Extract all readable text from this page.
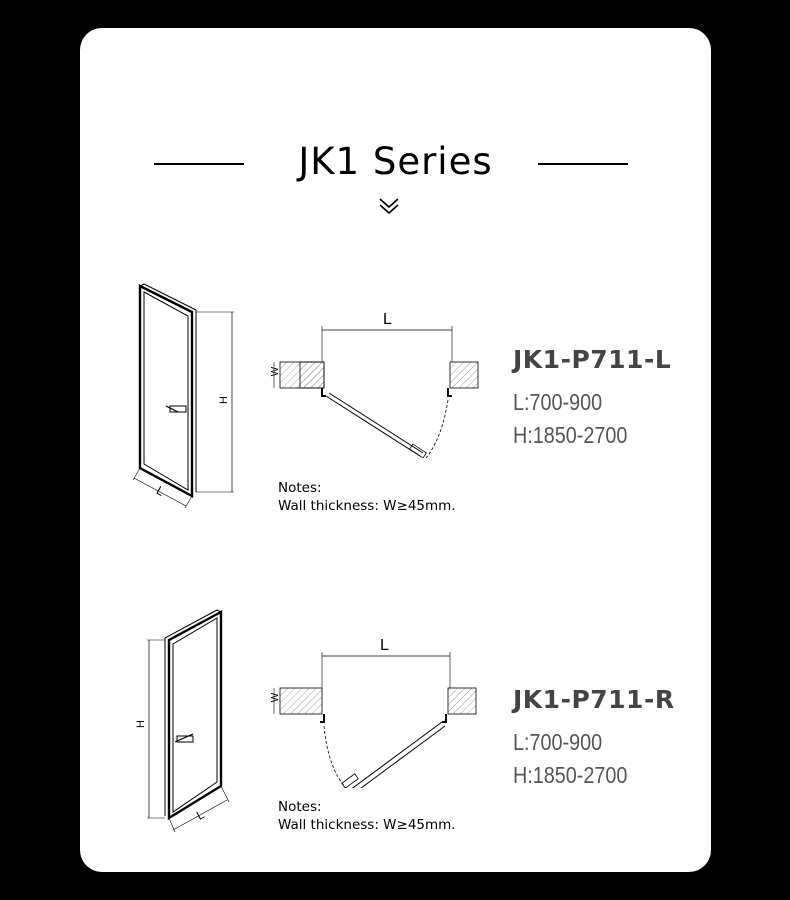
JK1 Series
H
L
L
W
Notes:
Wall thickness: W≥45mm.
JK1-P711-L
L:700-900
H:1850-2700
H
L
L
W
Notes:
Wall thickness: W≥45mm.
JK1-P711-R
L:700-900
H:1850-2700
